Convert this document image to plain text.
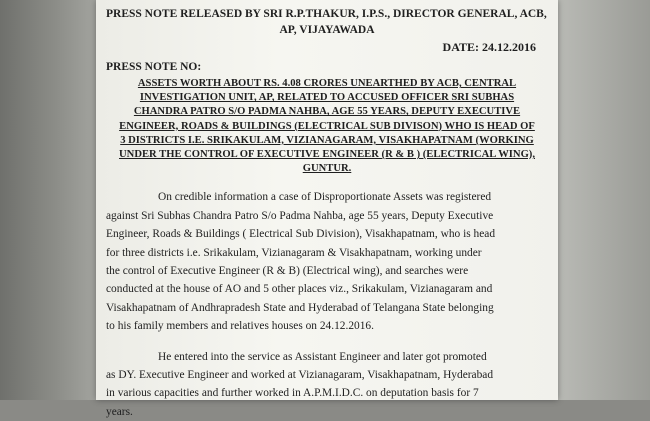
PRESS NOTE RELEASED BY SRI R.P.THAKUR, I.P.S., DIRECTOR GENERAL, ACB,
AP, VIJAYAWADA
DATE: 24.12.2016
PRESS NOTE NO:
ASSETS WORTH ABOUT RS. 4.08 CRORES UNEARTHED BY ACB, CENTRAL
INVESTIGATION UNIT, AP, RELATED TO ACCUSED OFFICER SRI SUBHAS
CHANDRA PATRO S/O PADMA NAHBA, AGE 55 YEARS, DEPUTY EXECUTIVE
ENGINEER, ROADS & BUILDINGS (ELECTRICAL SUB DIVISON) WHO IS HEAD OF
3 DISTRICTS I.E. SRIKAKULAM, VIZIANAGARAM, VISAKHAPATNAM (WORKING
UNDER THE CONTROL OF EXECUTIVE ENGINEER (R & B ) (ELECTRICAL WING),
GUNTUR.
On credible information a case of Disproportionate Assets was registered
against Sri Subhas Chandra Patro S/o Padma Nahba, age 55 years, Deputy Executive
Engineer, Roads & Buildings ( Electrical Sub Division), Visakhapatnam, who is head
for three districts i.e. Srikakulam, Vizianagaram & Visakhapatnam, working under
the control of Executive Engineer (R & B) (Electrical wing), and searches were
conducted at the house of AO and 5 other places viz., Srikakulam, Vizianagaram and
Visakhapatnam of Andhrapradesh State and Hyderabad of Telangana State belonging
to his family members and relatives houses on 24.12.2016.
He entered into the service as Assistant Engineer and later got promoted
as DY. Executive Engineer and worked at Vizianagaram, Visakhapatnam, Hyderabad
in various capacities and further worked in A.P.M.I.D.C. on deputation basis for 7
years.
